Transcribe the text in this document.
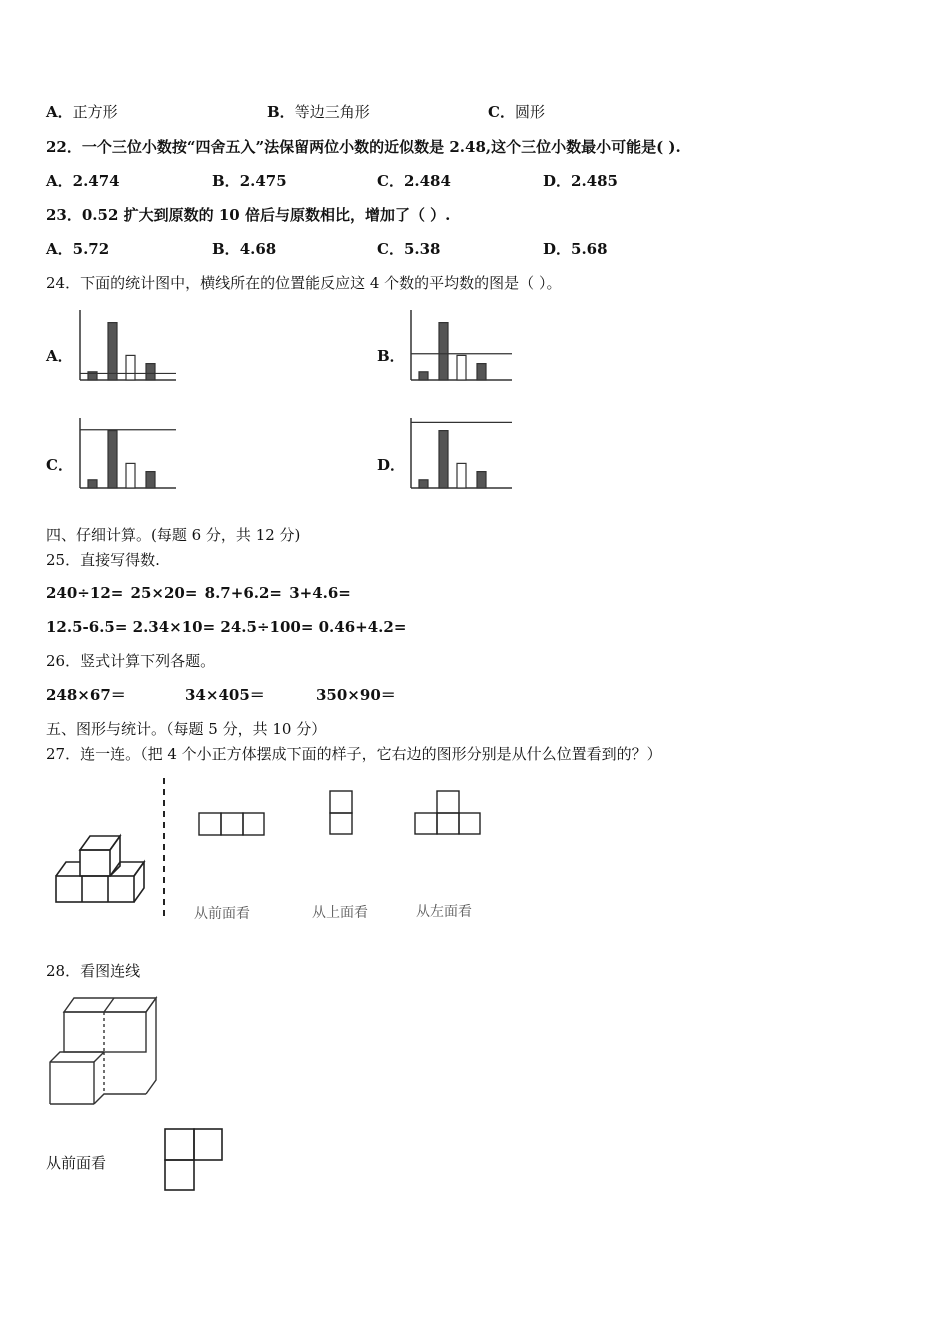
A．正方形	B．等边三角形	C．圆形
22．一个三位小数按“四舍五入”法保留两位小数的近似数是 2.48,这个三位小数最小可能是( ).
A．2.474	B．2.475	C．2.484	D．2.485
23．0.52 扩大到原数的 10 倍后与原数相比，增加了（ ）.
A．5.72	B．4.68	C．5.38	D．5.68
24．下面的统计图中，横线所在的位置能反应这 4 个数的平均数的图是（ ）。
A．	B．
C．	D．
四、仔细计算。(每题 6 分，共 12 分)
25．直接写得数.
240÷12= 25×20= 8.7+6.2= 3+4.6=
12.5-6.5= 2.34×10= 24.5÷100= 0.46+4.2=
26．竖式计算下列各题。
248×67＝	34×405＝	350×90＝
五、图形与统计。（每题 5 分，共 10 分）
27．连一连。（把 4 个小正方体摆成下面的样子，它右边的图形分别是从什么位置看到的？）
从前面看	从上面看	从左面看
28．看图连线
从前面看
